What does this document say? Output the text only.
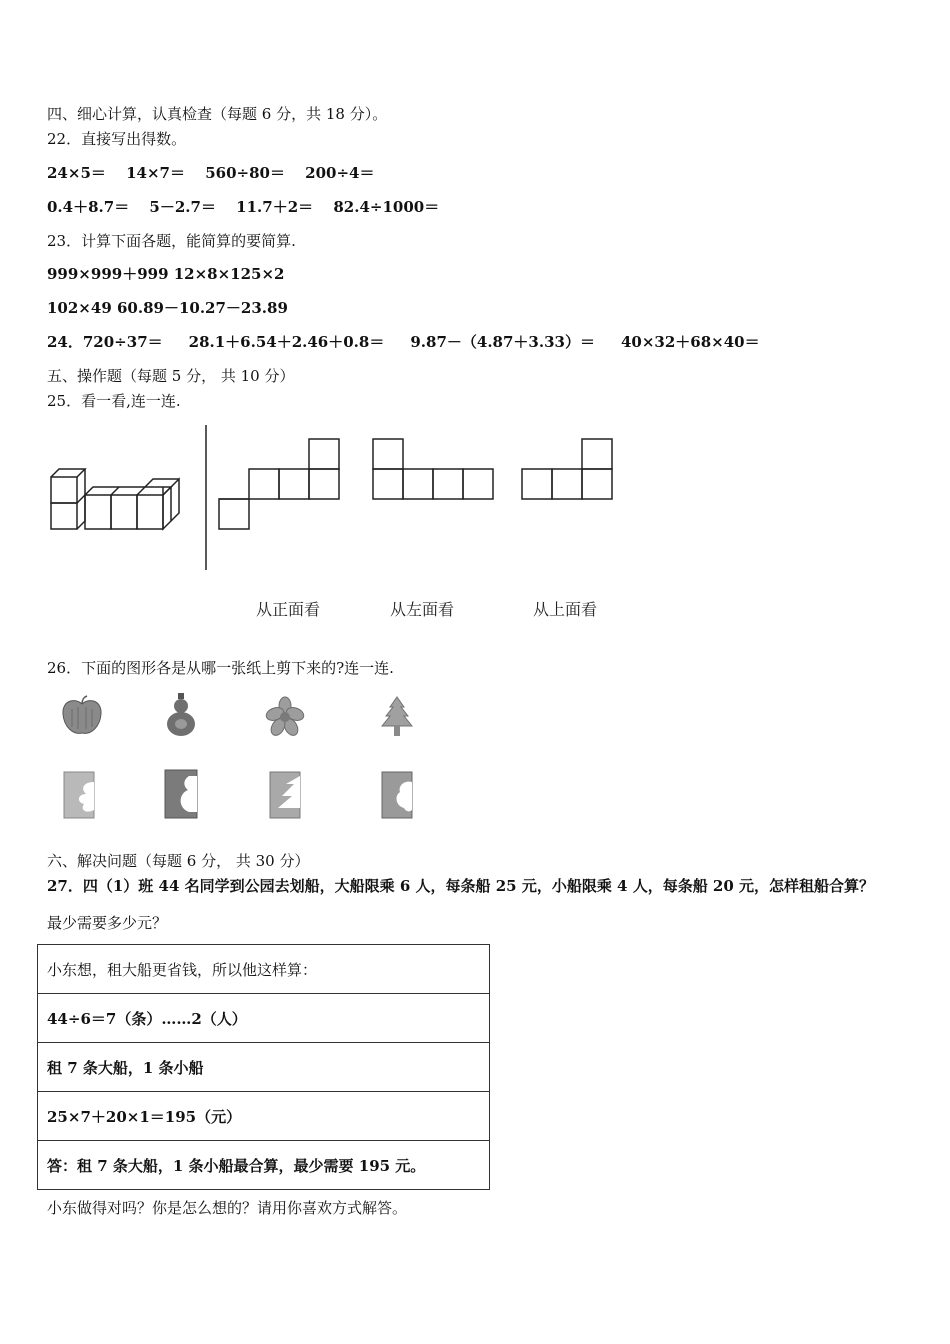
四、细心计算，认真检查（每题 6 分，共 18 分）。
22．直接写出得数。
24×5＝　 14×7＝　 560÷80＝　 200÷4＝
0.4＋8.7＝　 5－2.7＝　 11.7＋2＝　 82.4÷1000＝
23．计算下面各题，能简算的要简算.
999×999＋999 12×8×125×2
102×49 60.89－10.27－23.89
24．720÷37＝ 28.1＋6.54＋2.46＋0.8＝ 9.87－（4.87＋3.33）＝ 40×32＋68×40＝
五、操作题（每题 5 分， 共 10 分）
25．看一看,连一连.
从正面看	从左面看	从上面看
26．下面的图形各是从哪一张纸上剪下来的?连一连.
六、解决问题（每题 6 分， 共 30 分）
27．四（1）班 44 名同学到公园去划船，大船限乘 6 人，每条船 25 元，小船限乘 4 人，每条船 20 元，怎样租船合算？
最少需要多少元？
小东想，租大船更省钱，所以他这样算：
44÷6＝7（条）……2（人）
租 7 条大船，1 条小船
25×7＋20×1＝195（元）
答：租 7 条大船，1 条小船最合算，最少需要 195 元。
小东做得对吗？你是怎么想的？请用你喜欢方式解答。
